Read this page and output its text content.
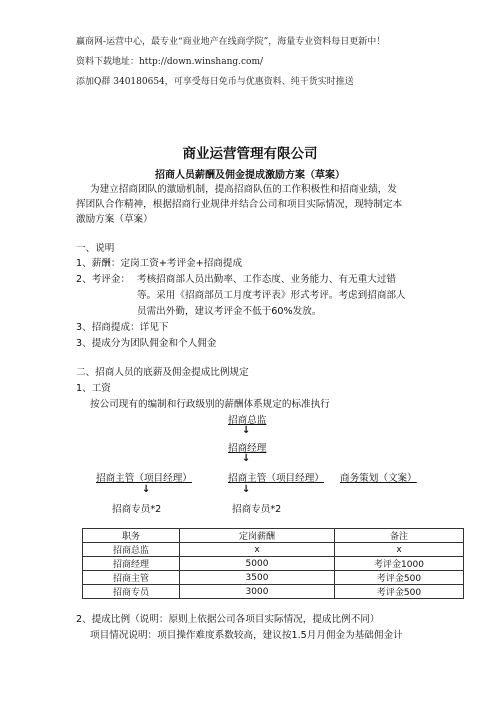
赢商网-运营中心，最专业“商业地产在线商学院”，海量专业资料每日更新中！
资料下载地址：http://down.winshang.com/
添加Q群 340180654，可享受每日免币与优惠资料、纯干货实时推送
商业运营管理有限公司
招商人员薪酬及佣金提成激励方案（草案）
为建立招商团队的激励机制，提高招商队伍的工作积极性和招商业绩，发
挥团队合作精神，根据招商行业规律并结合公司和项目实际情况，现特制定本
激励方案（草案）
一、说明
1、薪酬：定岗工资+考评金+招商提成
2、考评金： 考核招商部人员出勤率、工作态度、业务能力、有无重大过错
等。采用《招商部员工月度考评表》形式考评。考虑到招商部人
员需出外勤，建议考评金不低于60%发放。
3、招商提成：详见下
3、提成分为团队佣金和个人佣金
二、招商人员的底薪及佣金提成比例规定
1、工资
按公司现有的编制和行政级别的薪酬体系规定的标准执行
招商总监
↓
招商经理
↓
招商主管（项目经理）	招商主管（项目经理） 商务策划（文案）
↓	↓
招商专员*2	招商专员*2
职务	定岗薪酬	备注
招商总监	x	x
招商经理	5000	考评金1000
招商主管	3500	考评金500
招商专员	3000	考评金500
2、提成比例（说明：原则上依据公司各项目实际情况，提成比例不同）
项目情况说明：项目操作难度系数较高，建议按1.5月月佣金为基础佣金计
